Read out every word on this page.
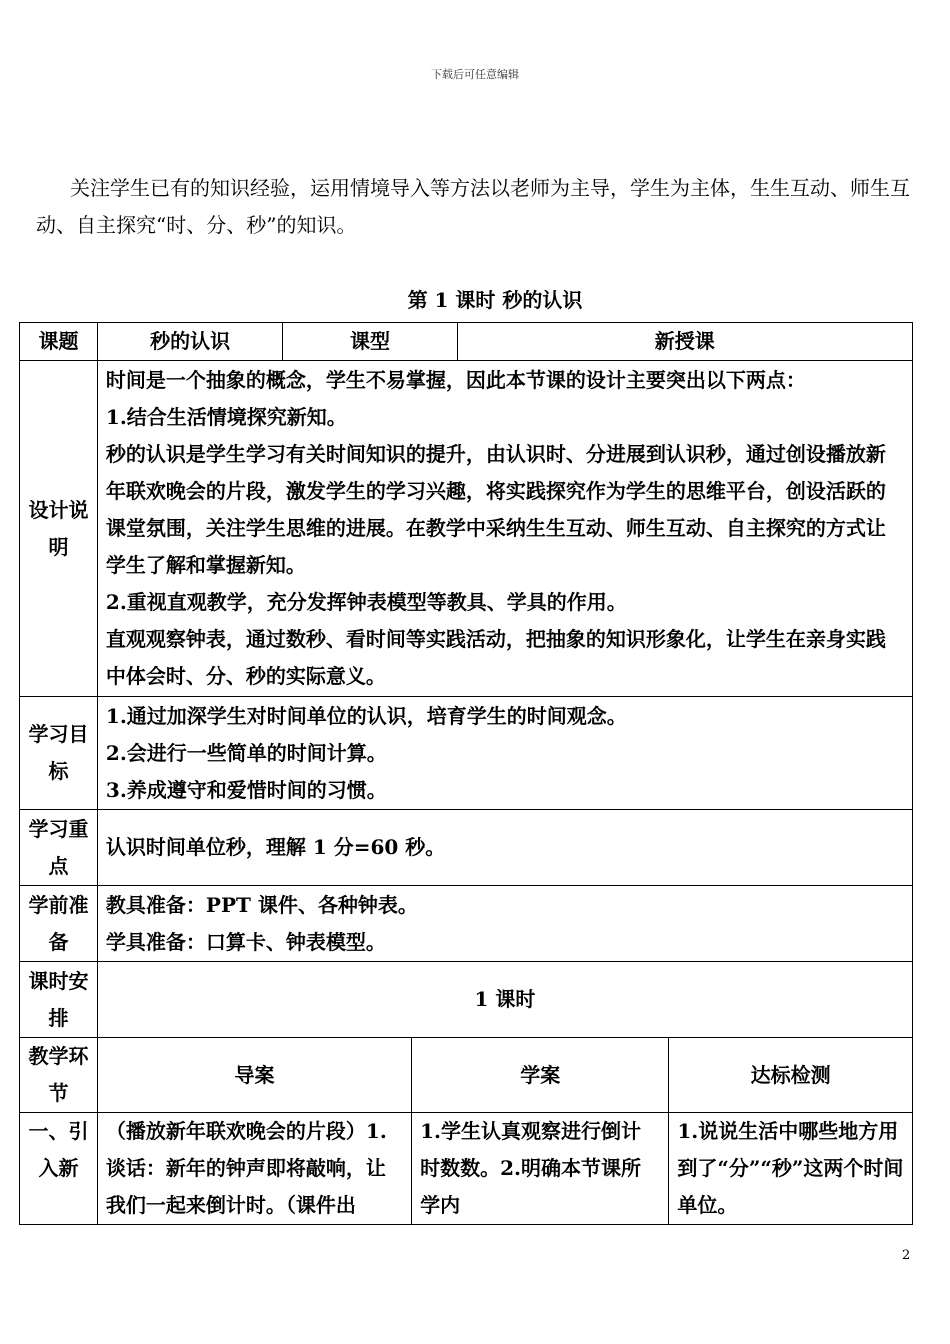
下载后可任意编辑
关注学生已有的知识经验，运用情境导入等方法以老师为主导，学生为主体，生生互动、师生互动、自主探究“时、分、秒”的知识。
第 1 课时 秒的认识
课题	秒的认识	课型		新授课	
设计说明	时间是一个抽象的概念，学生不易掌握，因此本节课的设计主要突出以下两点：
1.结合生活情境探究新知。
秒的认识是学生学习有关时间知识的提升，由认识时、分进展到认识秒，通过创设播放新年联欢晚会的片段，激发学生的学习兴趣，将实践探究作为学生的思维平台，创设活跃的课堂氛围，关注学生思维的进展。在教学中采纳生生互动、师生互动、自主探究的方式让学生了解和掌握新知。
2.重视直观教学，充分发挥钟表模型等教具、学具的作用。
直观观察钟表，通过数秒、看时间等实践活动，把抽象的知识形象化，让学生在亲身实践中体会时、分、秒的实际意义。				

学习目标	1.通过加深学生对时间单位的认识，培育学生的时间观念。
2.会进行一些简单的时间计算。
3.养成遵守和爱惜时间的习惯。				

学习重点	认识时间单位秒，理解 1 分=60 秒。				
学前准备	教具准备：PPT 课件、各种钟表。
学具准备：口算卡、钟表模型。				

课时安排	1 课时				
教学环节	导案		学案		达标检测
一、引入新	（播放新年联欢晚会的片段）1.谈话：新年的钟声即将敲响，让我们一起来倒计时。（课件出		1.学生认真观察进行倒计时数数。2.明确本节课所学内		1.说说生活中哪些地方用到了“分”“秒”这两个时间单位。
2
